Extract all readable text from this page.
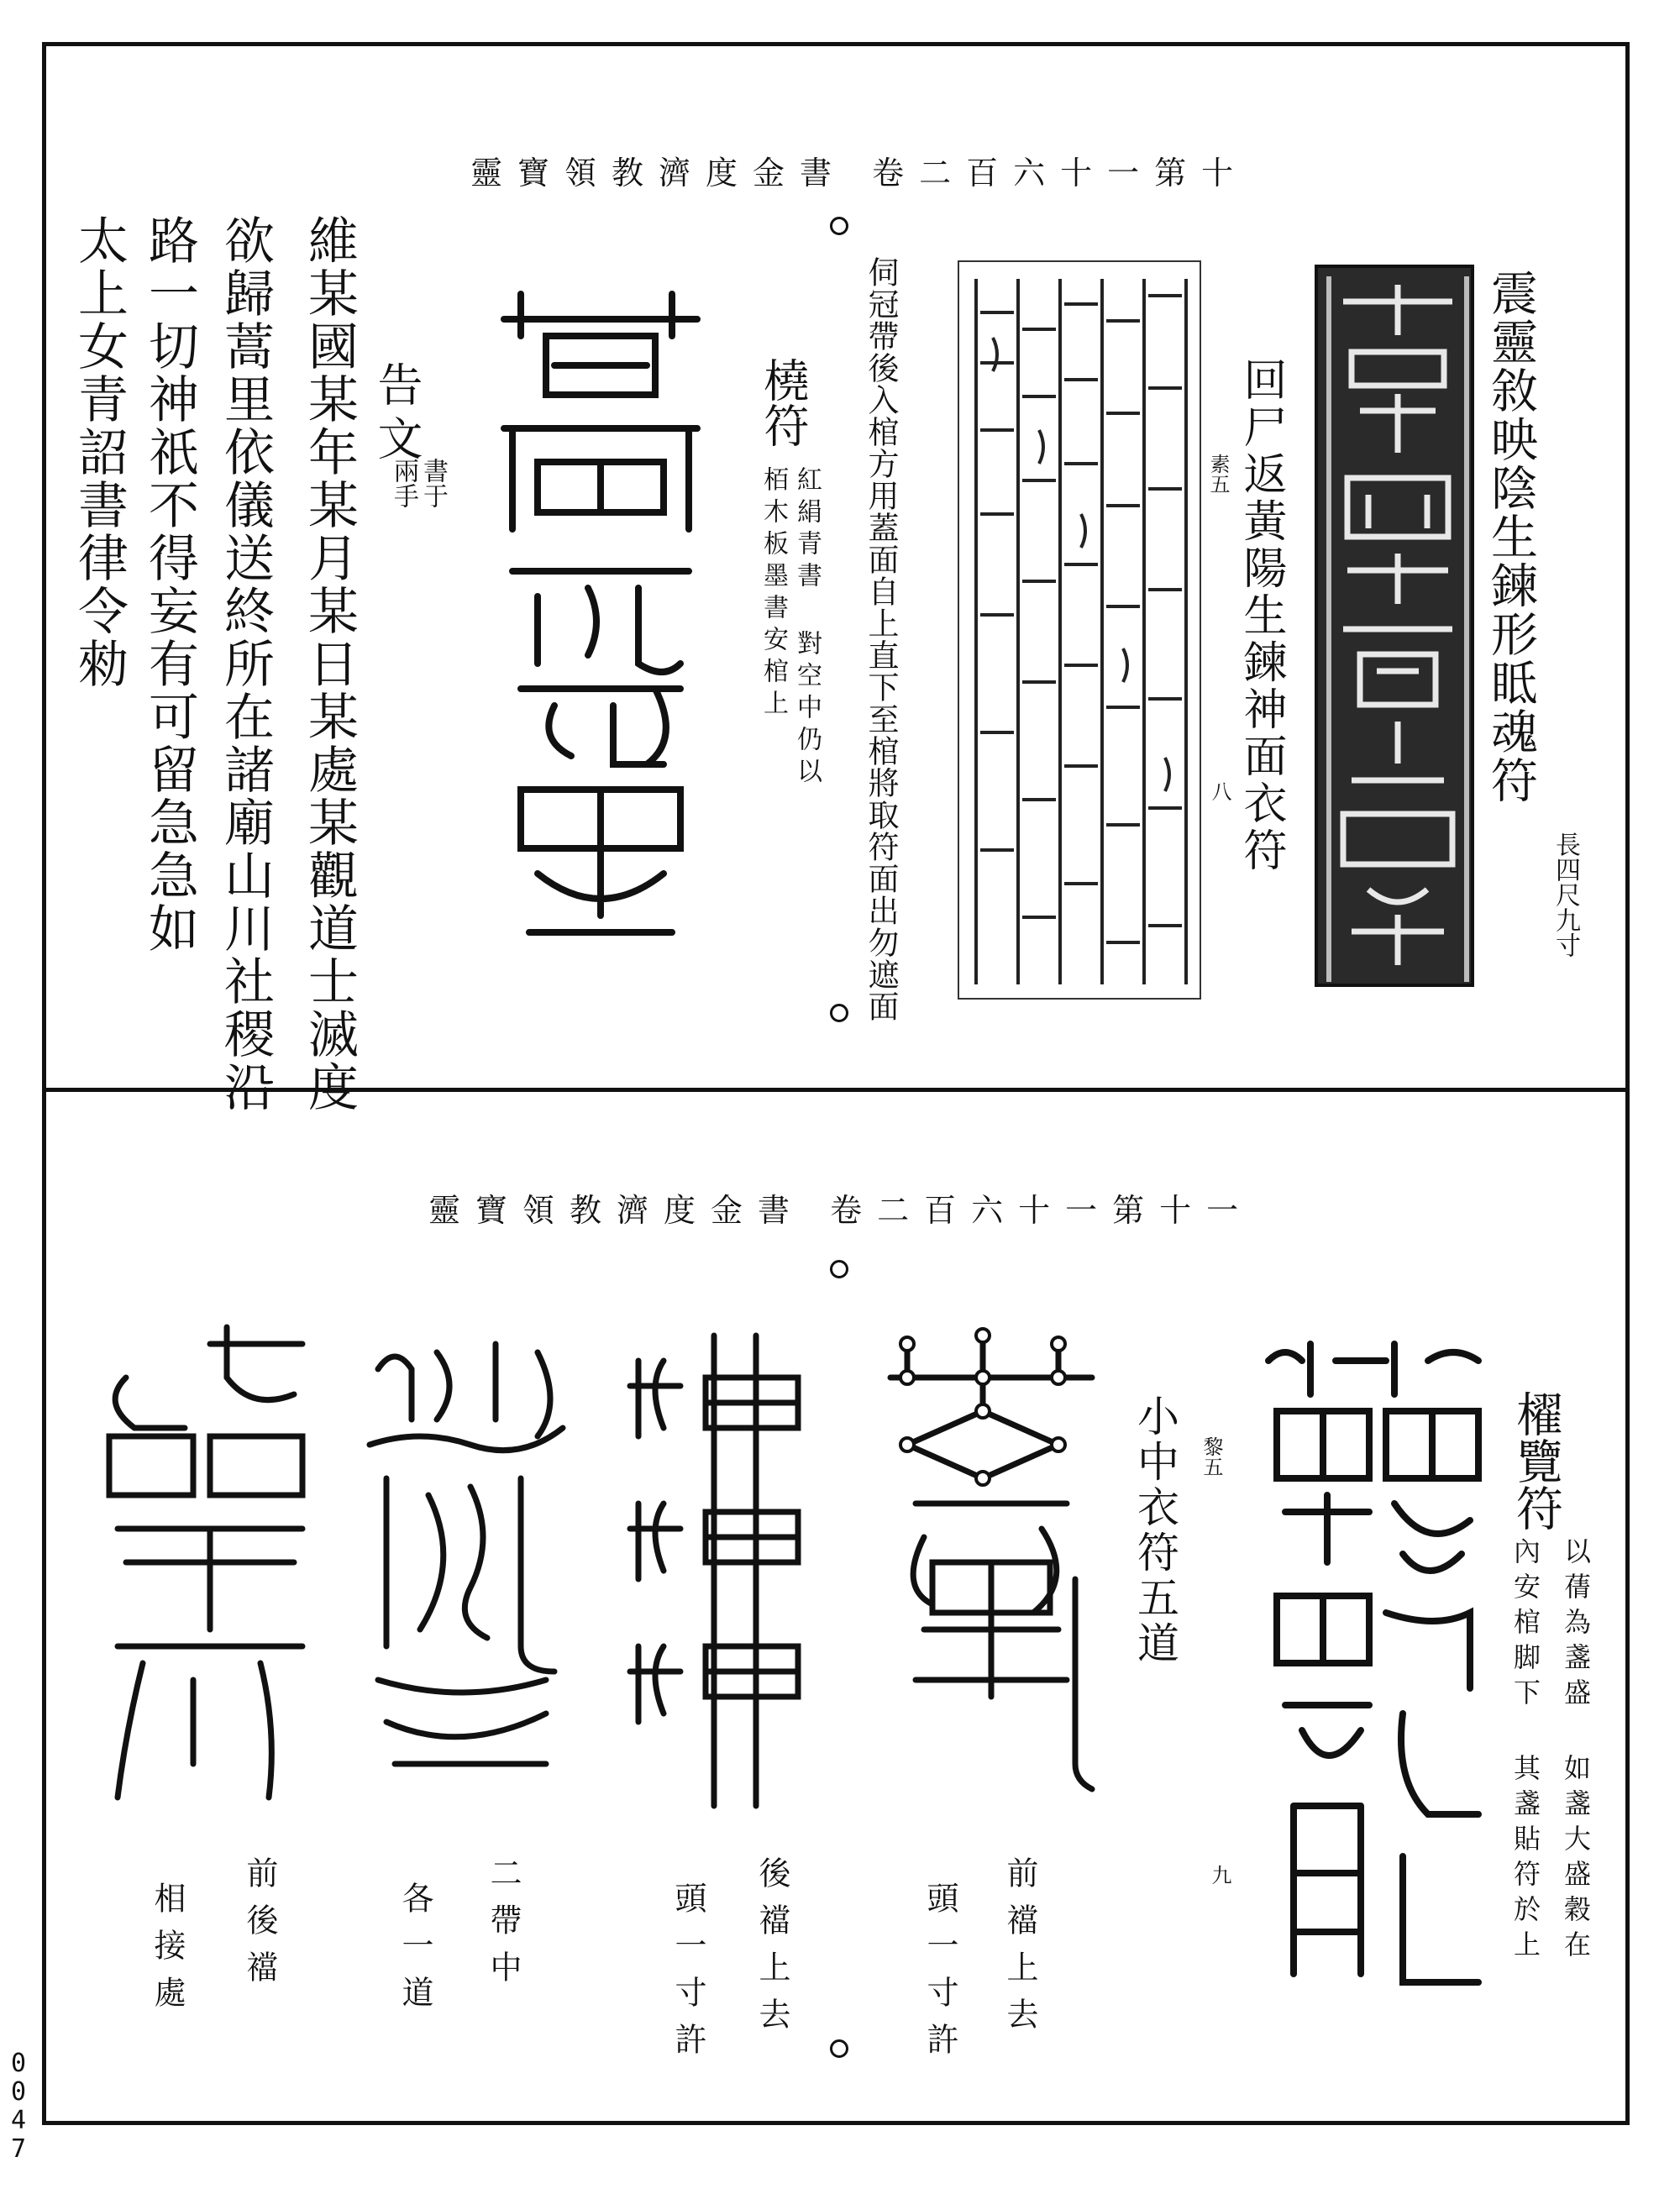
靈寶領教濟度金書 卷二百六十一第十
震靈敘映陰生鍊形眡魂符
長四尺九寸
回尸返黃陽生鍊神面衣符
素五
八
伺冠帶後入棺方用蓋面自上直下至棺將取符面出勿遮面
橈符
紅絹青書 對空中仍以
栢木板墨書安棺上
告文
書于
兩手
維某國某年某月某日某處某觀道士滅度
欲歸蒿里依儀送終所在諸廟山川社稷沿
路一切神祇不得妄有可留急急如
太上女青詔書律令勑
靈寶領教濟度金書 卷二百六十一第十一
櫂覽符
以蒨為盞盛 如盞大盛穀在
內安棺脚下 其盞貼符於上
九
小中衣符五道 黎五
前襠上去
頭一寸許
後襠上去
頭一寸許
二帶中
各一道
前後襠
相接處
0047
